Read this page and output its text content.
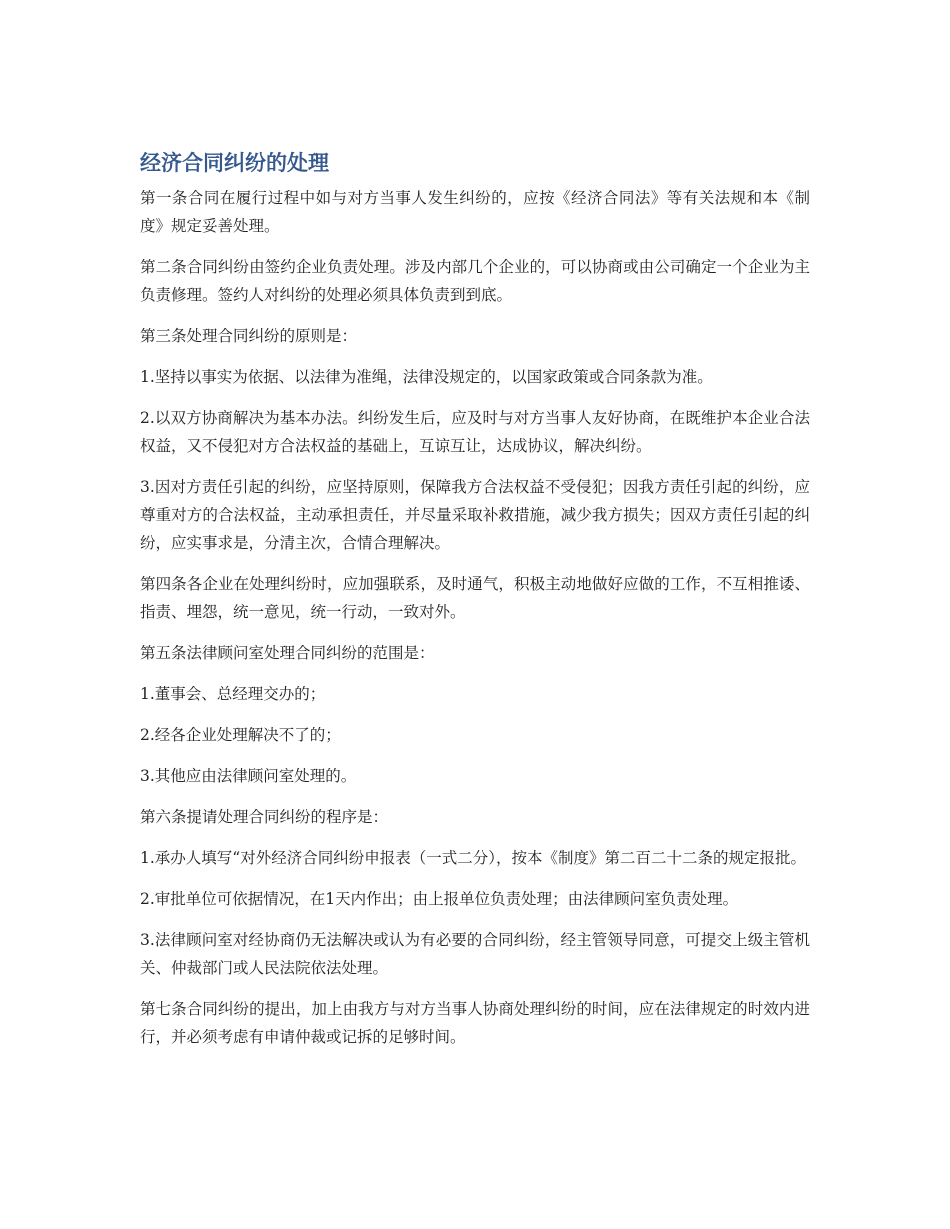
经济合同纠纷的处理

第一条合同在履行过程中如与对方当事人发生纠纷的，应按《经济合同法》等有关法规和本《制度》规定妥善处理。

第二条合同纠纷由签约企业负责处理。涉及内部几个企业的，可以协商或由公司确定一个企业为主负责修理。签约人对纠纷的处理必须具体负责到到底。

第三条处理合同纠纷的原则是：

1.坚持以事实为依据、以法律为准绳，法律没规定的，以国家政策或合同条款为准。

2.以双方协商解决为基本办法。纠纷发生后，应及时与对方当事人友好协商，在既维护本企业合法权益，又不侵犯对方合法权益的基础上，互谅互让，达成协议，解决纠纷。

3.因对方责任引起的纠纷，应坚持原则，保障我方合法权益不受侵犯；因我方责任引起的纠纷，应尊重对方的合法权益，主动承担责任，并尽量采取补救措施，减少我方损失；因双方责任引起的纠纷，应实事求是，分清主次，合情合理解决。

第四条各企业在处理纠纷时，应加强联系，及时通气，积极主动地做好应做的工作，不互相推诿、指责、埋怨，统一意见，统一行动，一致对外。

第五条法律顾问室处理合同纠纷的范围是：

1.董事会、总经理交办的；

2.经各企业处理解决不了的；

3.其他应由法律顾问室处理的。

第六条提请处理合同纠纷的程序是：

1.承办人填写“对外经济合同纠纷申报表（一式二分），按本《制度》第二百二十二条的规定报批。

2.审批单位可依据情况，在1天内作出；由上报单位负责处理；由法律顾问室负责处理。

3.法律顾问室对经协商仍无法解决或认为有必要的合同纠纷，经主管领导同意，可提交上级主管机关、仲裁部门或人民法院依法处理。

第七条合同纠纷的提出，加上由我方与对方当事人协商处理纠纷的时间，应在法律规定的时效内进行，并必须考虑有申请仲裁或记拆的足够时间。
